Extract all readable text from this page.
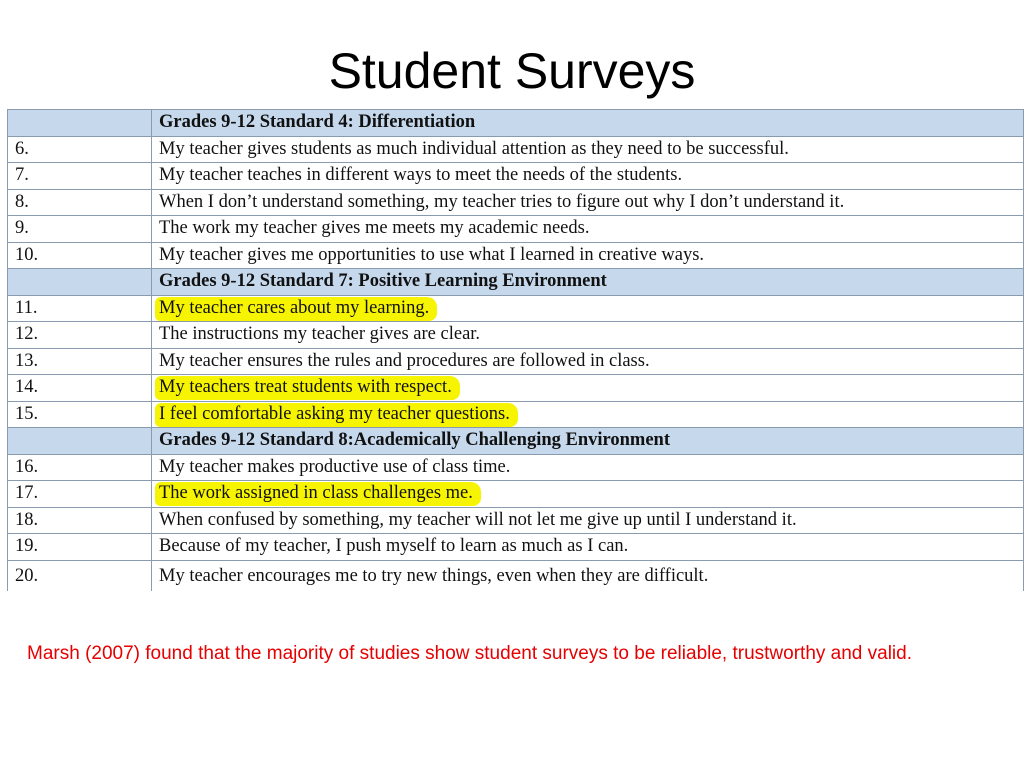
Student Surveys
	Grades 9-12 Standard 4: Differentiation
6.	My teacher gives students as much individual attention as they need to be successful.
7.	My teacher teaches in different ways to meet the needs of the students.
8.	When I don’t understand something, my teacher tries to figure out why I don’t understand it.
9.	The work my teacher gives me meets my academic needs.
10.	My teacher gives me opportunities to use what I learned in creative ways.
	Grades 9-12 Standard 7: Positive Learning Environment
11.	My teacher cares about my learning.
12.	The instructions my teacher gives are clear.
13.	My teacher ensures the rules and procedures are followed in class.
14.	My teachers treat students with respect.
15.	I feel comfortable asking my teacher questions.
	Grades 9-12 Standard 8:Academically Challenging Environment
16.	My teacher makes productive use of class time.
17.	The work assigned in class challenges me.
18.	When confused by something, my teacher will not let me give up until I understand it.
19.	Because of my teacher, I push myself to learn as much as I can.
20.	My teacher encourages me to try new things, even when they are difficult.
Marsh (2007) found that the majority of studies show student surveys to be reliable, trustworthy and valid.
